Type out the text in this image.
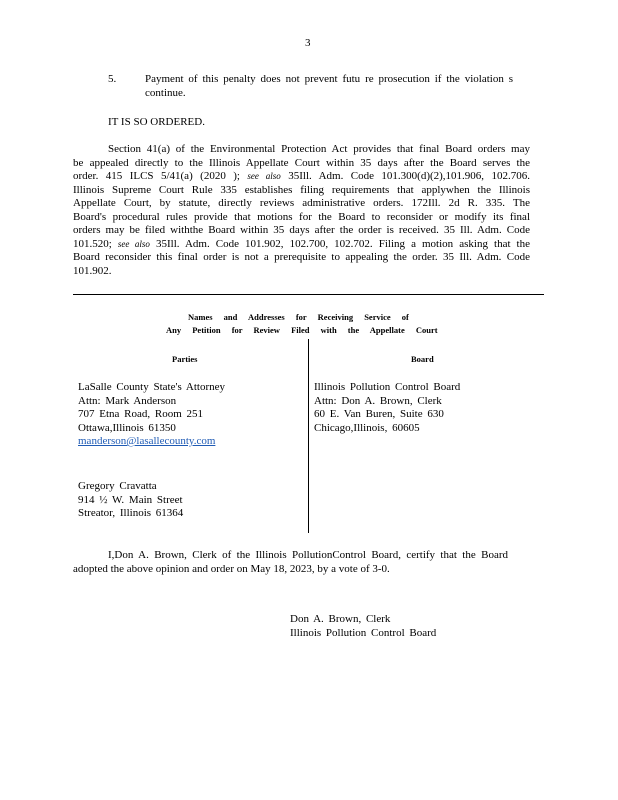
3
5.	Payment of this penalty does not prevent futu re prosecution if the violation s
continue.
IT IS SO ORDERED.
Section 41(a) of the Environmental Protection Act provides that final Board orders may
be appealed directly to the Illinois Appellate Court within 35 days after the Board serves the
order. 415 ILCS 5/41(a) (2020 ); see also 35Ill. Adm. Code 101.300(d)(2),101.906, 102.706.
Illinois Supreme Court Rule 335 establishes filing requirements that applywhen the Illinois
Appellate Court, by statute, directly reviews administrative orders. 172Ill. 2d R. 335. The
Board's procedural rules provide that motions for the Board to reconsider or modify its final
orders may be filed withthe Board within 35 days after the order is received. 35 Ill. Adm. Code
101.520; see also 35Ill. Adm. Code 101.902, 102.700, 102.702. Filing a motion asking that the
Board reconsider this final order is not a prerequisite to appealing the order. 35 Ill. Adm. Code
101.902.
Names and Addresses for Receiving Service of
Any Petition for Review Filed with the Appellate Court
Parties	Board
LaSalle County State's Attorney
Attn: Mark Anderson
707 Etna Road, Room 251
Ottawa,Illinois 61350
manderson@lasallecounty.com
Gregory Cravatta
914 ½ W. Main Street
Streator, Illinois 61364
Illinois Pollution Control Board
Attn: Don A. Brown, Clerk
60 E. Van Buren, Suite 630
Chicago,Illinois, 60605
I,Don A. Brown, Clerk of the Illinois PollutionControl Board, certify that the Board
adopted the above opinion and order on May 18, 2023, by a vote of 3-0.
Don A. Brown, Clerk
Illinois Pollution Control Board
